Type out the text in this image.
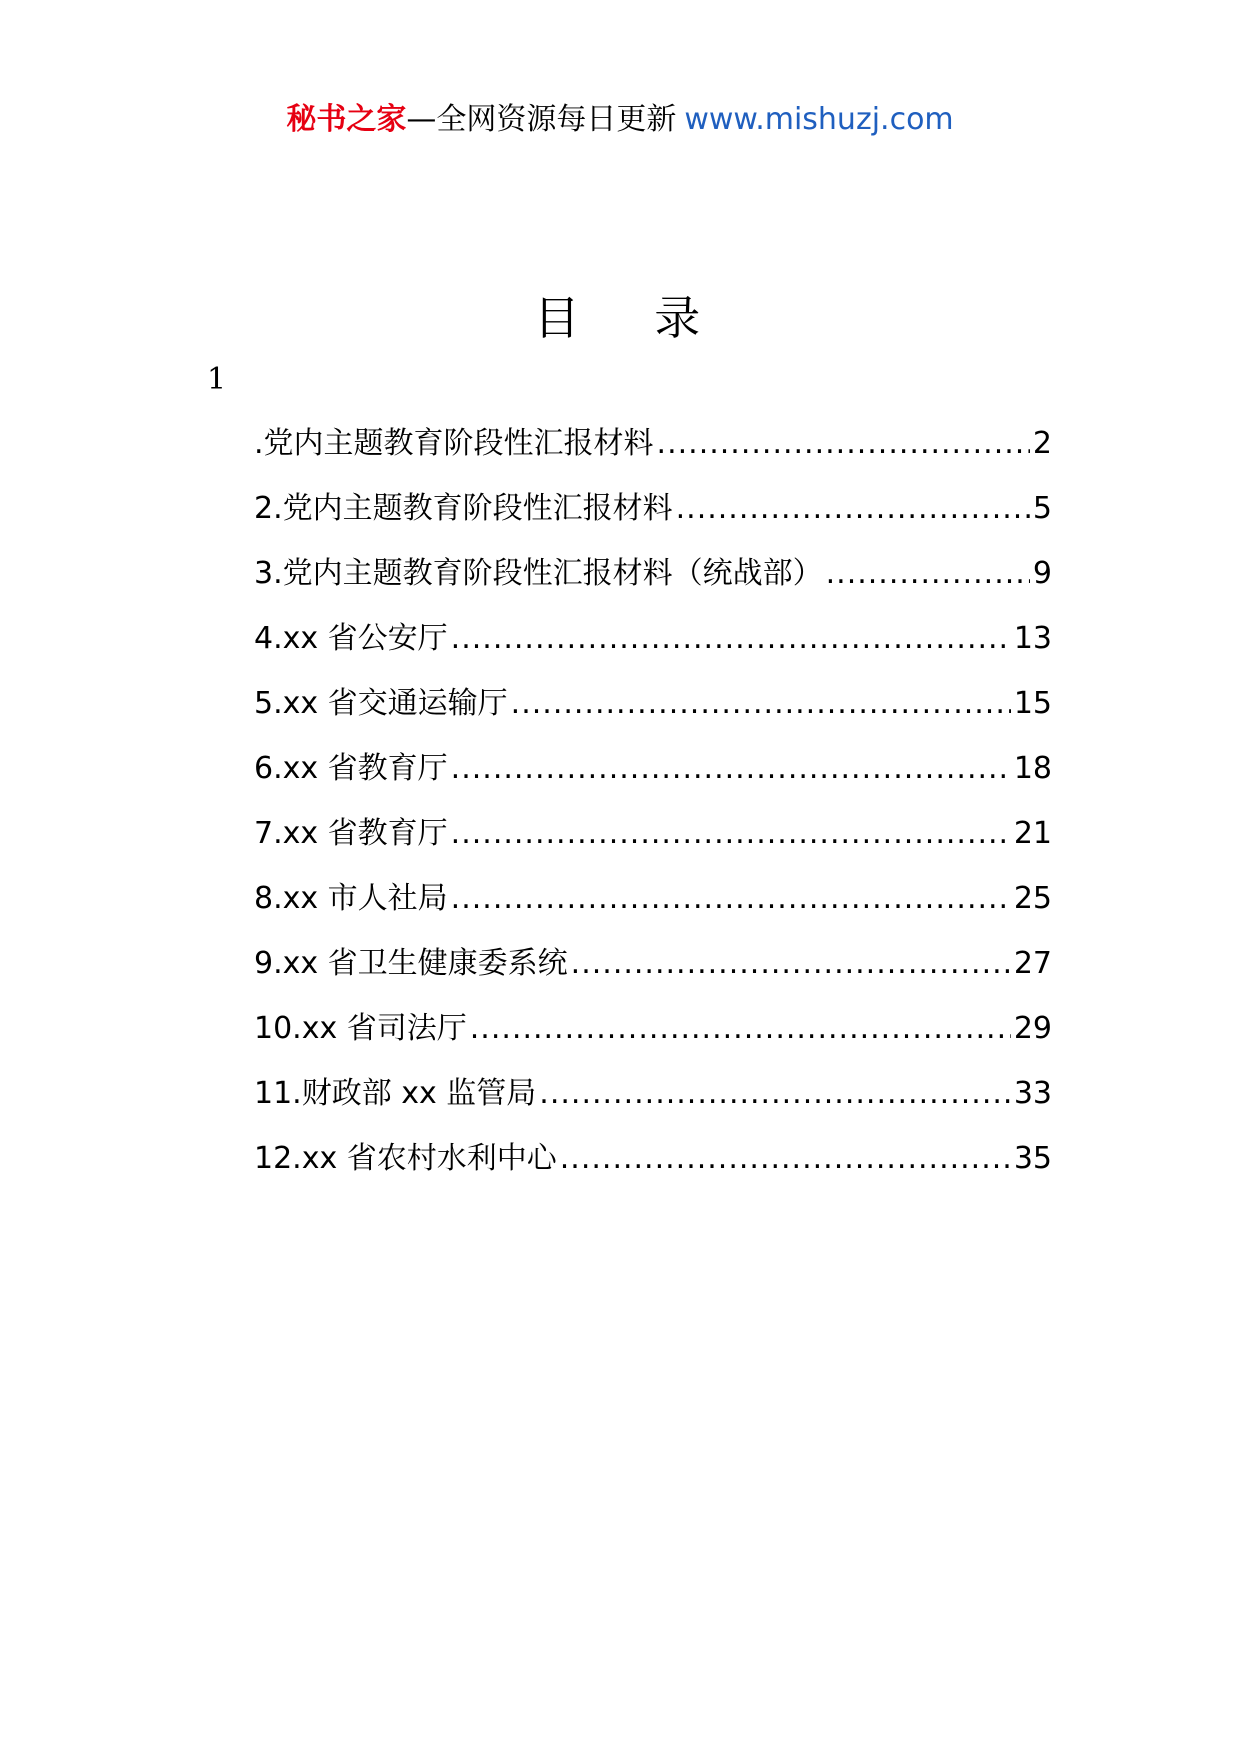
秘书之家—全网资源每日更新 www.mishuzj.com
目 录
1
.党内主题教育阶段性汇报材料 .....	2
2.党内主题教育阶段性汇报材料 .....	5
3.党内主题教育阶段性汇报材料（统战部） .....	9
4.xx 省公安厅 .....	13
5.xx 省交通运输厅 .....	15
6.xx 省教育厅 .....	18
7.xx 省教育厅 .....	21
8.xx 市人社局 .....	25
9.xx 省卫生健康委系统 .....	27
10.xx 省司法厅 .....	29
11.财政部 xx 监管局 .....	33
12.xx 省农村水利中心 .....	35
